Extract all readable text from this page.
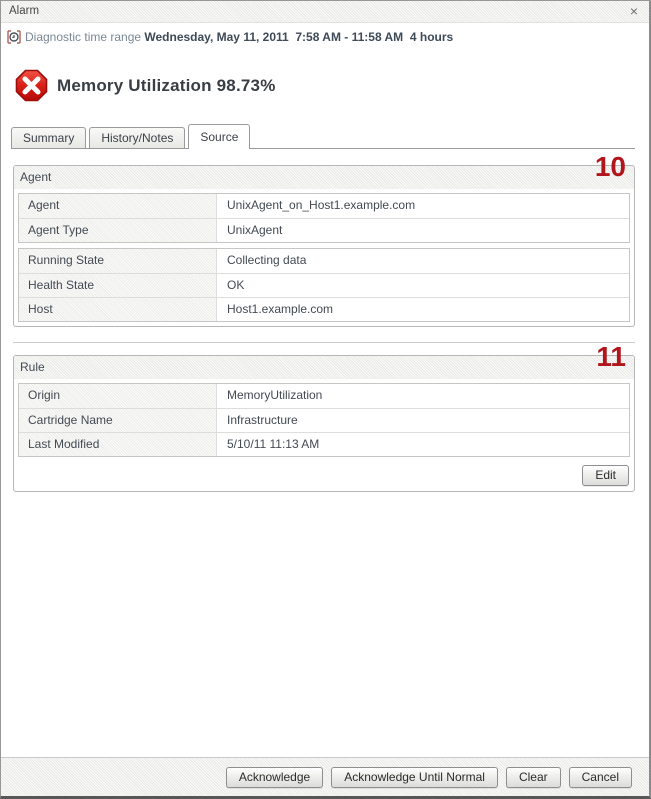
Alarm	×
Diagnostic time range Wednesday, May 11, 2011  7:58 AM - 11:58 AM  4 hours
Memory Utilization 98.73%
Summary	History/Notes	Source
10
Agent
Agent	UnixAgent_on_Host1.example.com
Agent Type	UnixAgent
Running State	Collecting data
Health State	OK
Host	Host1.example.com
11
Rule
Origin	MemoryUtilization
Cartridge Name	Infrastructure
Last Modified	5/10/11 11:13 AM
Edit
Acknowledge	Acknowledge Until Normal	Clear	Cancel
